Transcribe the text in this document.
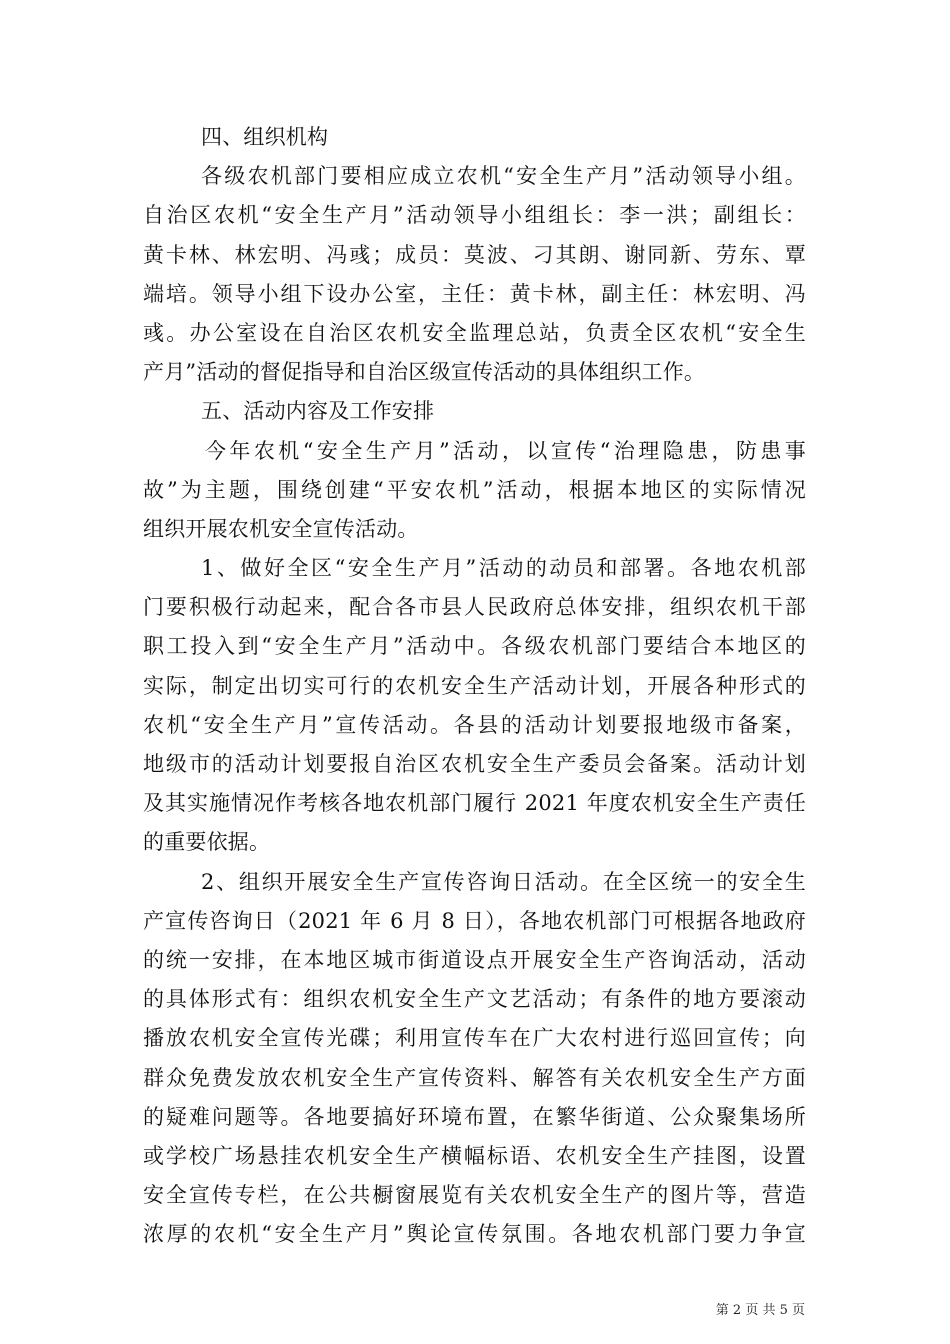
四、组织机构
各级农机部门要相应成立农机“安全生产月”活动领导小组。
自治区农机“安全生产月”活动领导小组组长：李一洪；副组长：
黄卡林、林宏明、冯彧；成员：莫波、刁其朗、谢同新、劳东、覃
端培。领导小组下设办公室，主任：黄卡林，副主任：林宏明、冯
彧。办公室设在自治区农机安全监理总站，负责全区农机“安全生
产月”活动的督促指导和自治区级宣传活动的具体组织工作。
五、活动内容及工作安排
今年农机“安全生产月”活动，以宣传“治理隐患，防患事
故”为主题，围绕创建“平安农机”活动，根据本地区的实际情况
组织开展农机安全宣传活动。
1、做好全区“安全生产月”活动的动员和部署。各地农机部
门要积极行动起来，配合各市县人民政府总体安排，组织农机干部
职工投入到“安全生产月”活动中。各级农机部门要结合本地区的
实际，制定出切实可行的农机安全生产活动计划，开展各种形式的
农机“安全生产月”宣传活动。各县的活动计划要报地级市备案，
地级市的活动计划要报自治区农机安全生产委员会备案。活动计划
及其实施情况作考核各地农机部门履行 2021 年度农机安全生产责任
的重要依据。
2、组织开展安全生产宣传咨询日活动。在全区统一的安全生
产宣传咨询日（2021 年 6 月 8 日），各地农机部门可根据各地政府
的统一安排，在本地区城市街道设点开展安全生产咨询活动，活动
的具体形式有：组织农机安全生产文艺活动；有条件的地方要滚动
播放农机安全宣传光碟；利用宣传车在广大农村进行巡回宣传；向
群众免费发放农机安全生产宣传资料、解答有关农机安全生产方面
的疑难问题等。各地要搞好环境布置，在繁华街道、公众聚集场所
或学校广场悬挂农机安全生产横幅标语、农机安全生产挂图，设置
安全宣传专栏，在公共橱窗展览有关农机安全生产的图片等，营造
浓厚的农机“安全生产月”舆论宣传氛围。各地农机部门要力争宣
第 2 页 共 5 页
